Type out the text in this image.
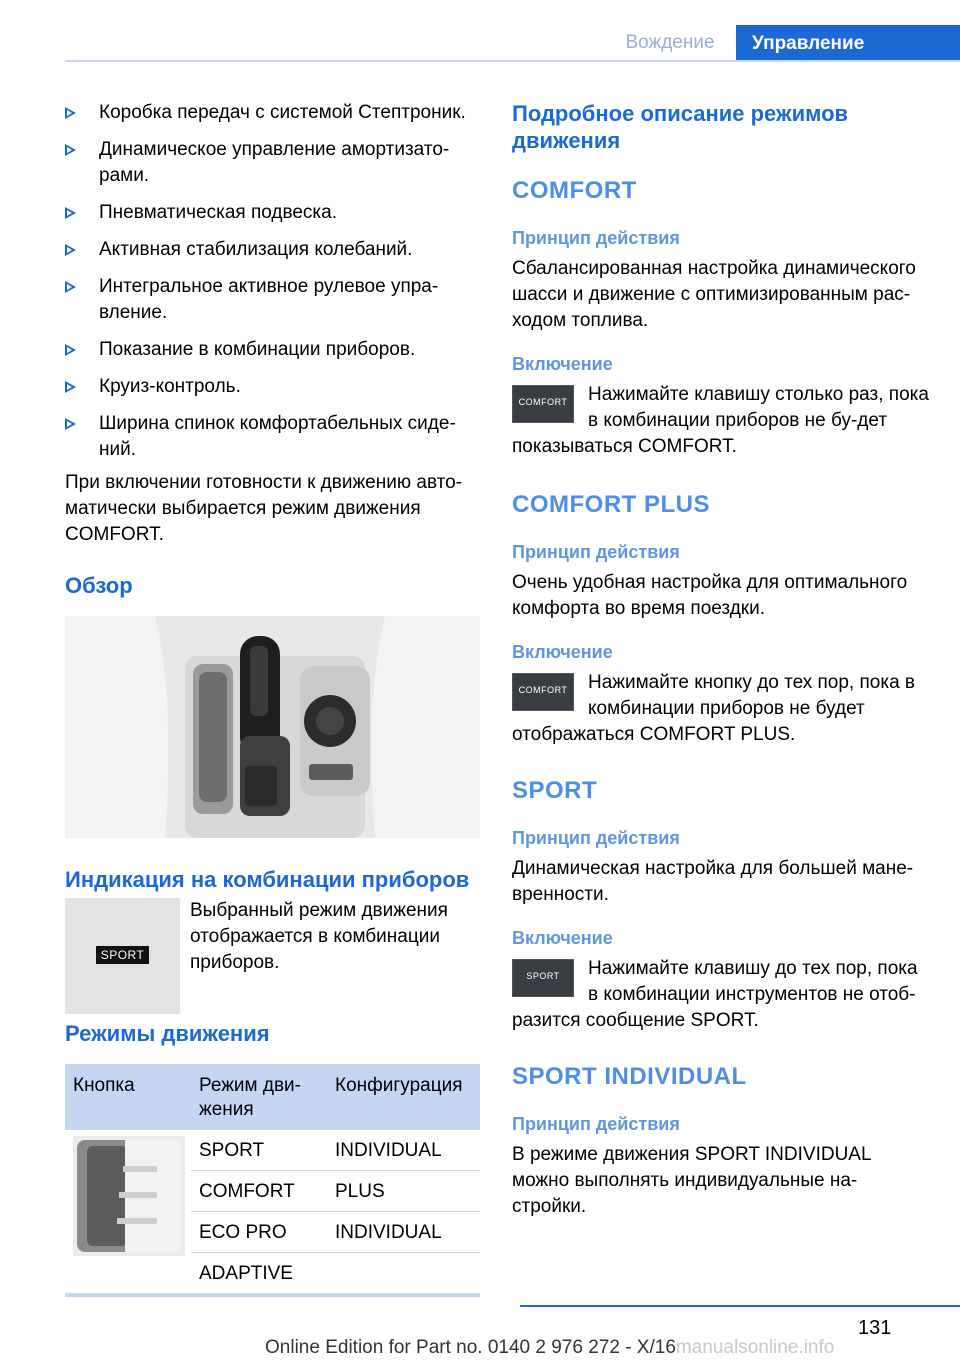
Вождение	Управление
Коробка передач с системой Стептроник.
Динамическое управление амортизато-рами.
Пневматическая подвеска.
Активная стабилизация колебаний.
Интегральное активное рулевое упра-вление.
Показание в комбинации приборов.
Круиз-контроль.
Ширина спинок комфортабельных сиде-ний.

При включении готовности к движению авто-матически выбирается режим движения COMFORT.

Обзор
Индикация на комбинации приборов
SPORT
Выбранный режим движения отображается в комбинации приборов.
Режимы движения
Кнопка	Режим дви-жения	Конфигурация

	SPORT	INDIVIDUAL
	COMFORT	PLUS
	ECO PRO	INDIVIDUAL
	ADAPTIVE	
Подробное описание режимов движения
COMFORT
Принцип действия

Сбалансированная настройка динамического шасси и движение с оптимизированным рас-ходом топлива.

Включение
COMFORT	Нажимайте клавишу столько раз, пока в комбинации приборов не бу-дет показываться COMFORT.

COMFORT PLUS
Принцип действия

Очень удобная настройка для оптимального комфорта во время поездки.

Включение
COMFORT	Нажимайте кнопку до тех пор, пока в комбинации приборов не будет отображаться COMFORT PLUS.

SPORT
Принцип действия

Динамическая настройка для большей мане-вренности.

Включение
SPORT	Нажимайте клавишу до тех пор, пока в комбинации инструментов не отоб-разится сообщение SPORT.

SPORT INDIVIDUAL
Принцип действия

В режиме движения SPORT INDIVIDUAL можно выполнять индивидуальные на-стройки.

131
Online Edition for Part no. 0140 2 976 272 - X/16manualsonline.info
